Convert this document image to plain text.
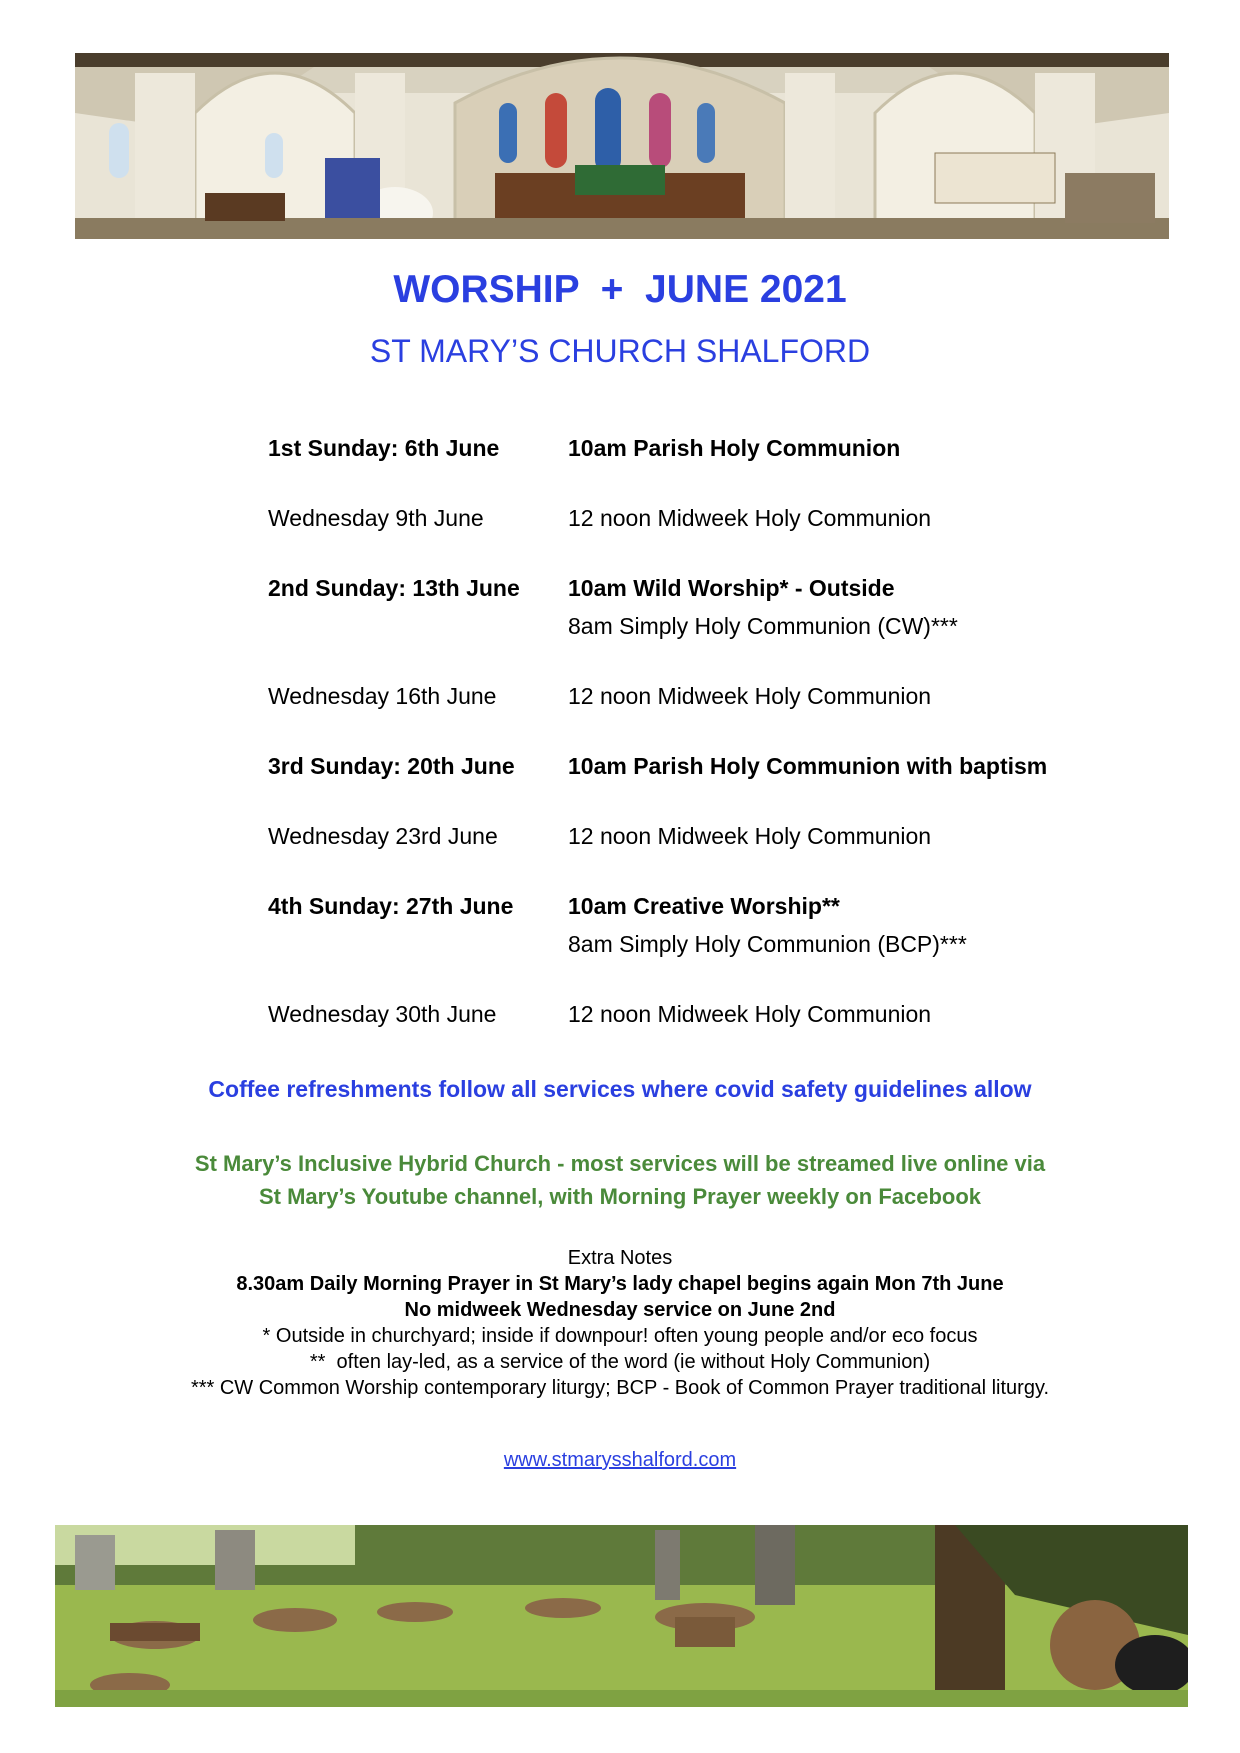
WORSHIP  +  JUNE 2021
ST MARY’S CHURCH SHALFORD
1st Sunday: 6th June	10am Parish Holy Communion
Wednesday 9th June	12 noon Midweek Holy Communion
2nd Sunday: 13th June	10am Wild Worship* - Outside
8am Simply Holy Communion (CW)***
Wednesday 16th June	12 noon Midweek Holy Communion
3rd Sunday: 20th June	10am Parish Holy Communion with baptism
Wednesday 23rd June	12 noon Midweek Holy Communion
4th Sunday: 27th June	10am Creative Worship**
8am Simply Holy Communion (BCP)***
Wednesday 30th June	12 noon Midweek Holy Communion
Coffee refreshments follow all services where covid safety guidelines allow
St Mary’s Inclusive Hybrid Church - most services will be streamed live online via
St Mary’s Youtube channel, with Morning Prayer weekly on Facebook
Extra Notes
8.30am Daily Morning Prayer in St Mary’s lady chapel begins again Mon 7th June
No midweek Wednesday service on June 2nd
* Outside in churchyard; inside if downpour! often young people and/or eco focus
**  often lay-led, as a service of the word (ie without Holy Communion)
*** CW Common Worship contemporary liturgy; BCP - Book of Common Prayer traditional liturgy.
www.stmarysshalford.com
